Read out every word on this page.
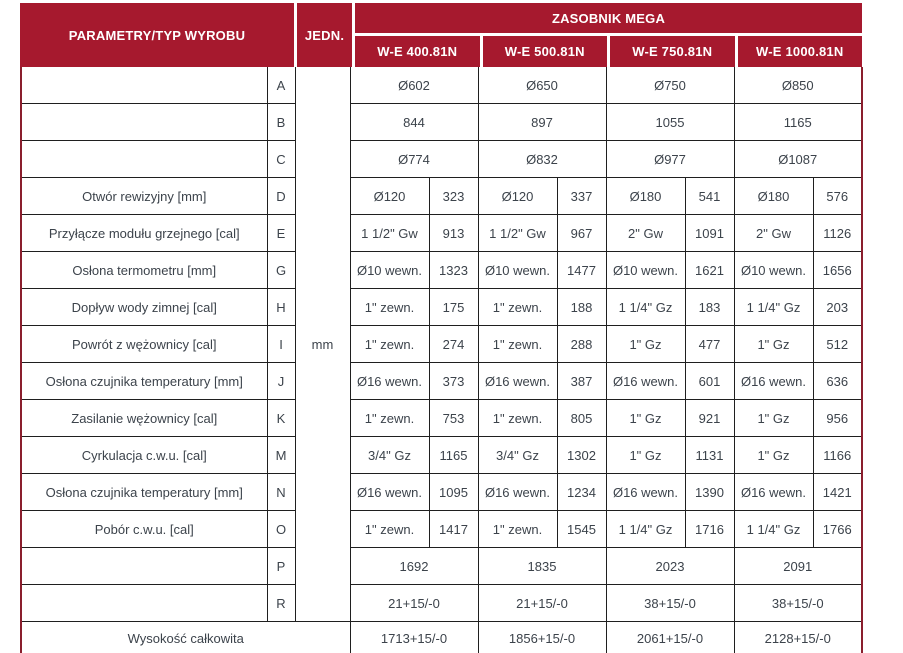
PARAMETRY/TYP WYROBU	JEDN.
ZASOBNIK MEGA
W-E 400.81N	W-E 500.81N	W-E 750.81N	W-E 1000.81N
	A	mm	Ø602		Ø650		Ø750		Ø850	
	B		844		897		1055		1165	
	C		Ø774		Ø832		Ø977		Ø1087	
Otwór rewizyjny [mm]	D		Ø120	323	Ø120	337	Ø180	541	Ø180	576
Przyłącze modułu grzejnego [cal]	E		1 1/2" Gw	913	1 1/2" Gw	967	2" Gw	1091	2" Gw	1126
Osłona termometru [mm]	G		Ø10 wewn.	1323	Ø10 wewn.	1477	Ø10 wewn.	1621	Ø10 wewn.	1656
Dopływ wody zimnej [cal]	H		1" zewn.	175	1" zewn.	188	1 1/4" Gz	183	1 1/4" Gz	203
Powrót z wężownicy [cal]	I		1" zewn.	274	1" zewn.	288	1" Gz	477	1" Gz	512
Osłona czujnika temperatury [mm]	J		Ø16 wewn.	373	Ø16 wewn.	387	Ø16 wewn.	601	Ø16 wewn.	636
Zasilanie wężownicy [cal]	K		1" zewn.	753	1" zewn.	805	1" Gz	921	1" Gz	956
Cyrkulacja c.w.u. [cal]	M		3/4" Gz	1165	3/4" Gz	1302	1" Gz	1131	1" Gz	1166
Osłona czujnika temperatury [mm]	N		Ø16 wewn.	1095	Ø16 wewn.	1234	Ø16 wewn.	1390	Ø16 wewn.	1421
Pobór c.w.u. [cal]	O		1" zewn.	1417	1" zewn.	1545	1 1/4" Gz	1716	1 1/4" Gz	1766
	P		1692		1835		2023		2091	
	R		21+15/-0		21+15/-0		38+15/-0		38+15/-0	
Wysokość całkowita			1713+15/-0		1856+15/-0		2061+15/-0		2128+15/-0	
